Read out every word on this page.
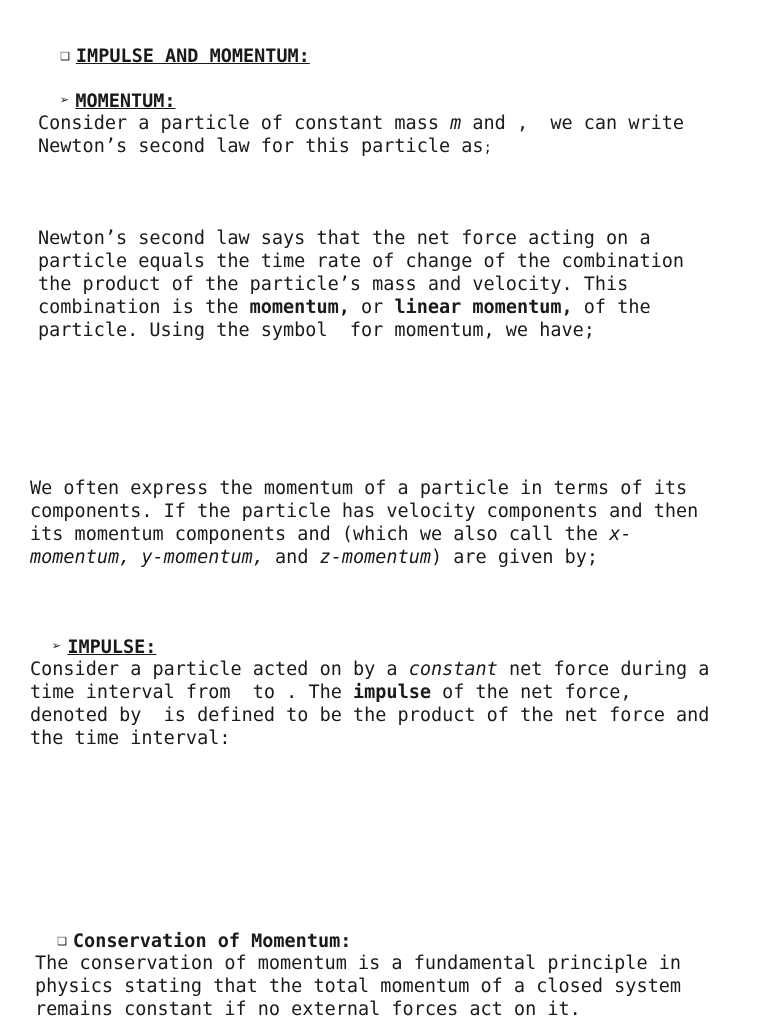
❑ IMPULSE AND MOMENTUM:

➢ MOMENTUM:

Consider a particle of constant mass m and ,  we can write
Newton’s second law for this particle as;

Newton’s second law says that the net force acting on a
particle equals the time rate of change of the combination
the product of the particle’s mass and velocity. This
combination is the momentum, or linear momentum, of the
particle. Using the symbol  for momentum, we have;

We often express the momentum of a particle in terms of its
components. If the particle has velocity components and then
its momentum components and (which we also call the x-
momentum, y-momentum, and z-momentum) are given by;

➢ IMPULSE:

Consider a particle acted on by a constant net force during a
time interval from  to . The impulse of the net force,
denoted by  is defined to be the product of the net force and
the time interval:

❑ Conservation of Momentum:

The conservation of momentum is a fundamental principle in
physics stating that the total momentum of a closed system
remains constant if no external forces act on it.
